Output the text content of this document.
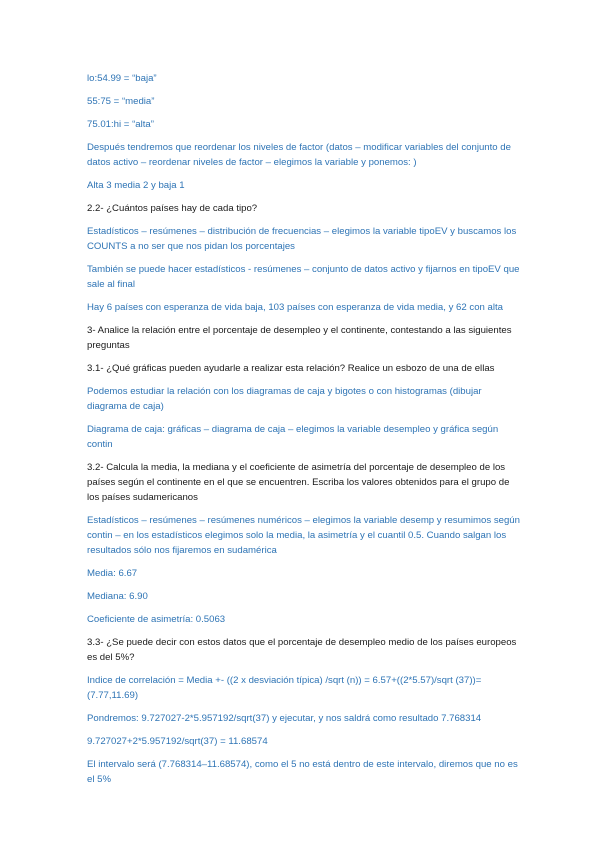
lo:54.99 = “baja”

55:75 = “media”

75.01:hi = “alta”

Después tendremos que reordenar los niveles de factor (datos – modificar variables del conjunto de datos activo – reordenar niveles de factor – elegimos la variable y ponemos: )

Alta 3 media 2 y baja 1

2.2- ¿Cuántos países hay de cada tipo?

Estadísticos – resúmenes – distribución de frecuencias – elegimos la variable tipoEV y buscamos los COUNTS a no ser que nos pidan los porcentajes

También se puede hacer estadísticos - resúmenes – conjunto de datos activo y fijarnos en tipoEV que sale al final

Hay 6 países con esperanza de vida baja, 103 países con esperanza de vida media, y 62 con alta

3- Analice la relación entre el porcentaje de desempleo y el continente, contestando a las siguientes preguntas

3.1- ¿Qué gráficas pueden ayudarle a realizar esta relación? Realice un esbozo de una de ellas

Podemos estudiar la relación con los diagramas de caja y bigotes o con histogramas (dibujar diagrama de caja)

Diagrama de caja: gráficas – diagrama de caja – elegimos la variable desempleo y gráfica según contin

3.2- Calcula la media, la mediana y el coeficiente de asimetría del porcentaje de desempleo de los países según el continente en el que se encuentren. Escriba los valores obtenidos para el grupo de los países sudamericanos

Estadísticos – resúmenes – resúmenes numéricos – elegimos la variable desemp y resumimos según contin – en los estadísticos elegimos solo la media, la asimetría y el cuantil 0.5. Cuando salgan los resultados sólo nos fijaremos en sudamérica

Media: 6.67

Mediana: 6.90

Coeficiente de asimetría: 0.5063

3.3- ¿Se puede decir con estos datos que el porcentaje de desempleo medio de los países europeos es del 5%?

Indice de correlación = Media +- ((2 x desviación típica) /sqrt (n)) = 6.57+((2*5.57)/sqrt (37))=(7.77,11.69)

Pondremos: 9.727027-2*5.957192/sqrt(37) y ejecutar, y nos saldrá como resultado 7.768314

9.727027+2*5.957192/sqrt(37) = 11.68574

El intervalo será (7.768314–11.68574), como el 5 no está dentro de este intervalo, diremos que no es el 5%
